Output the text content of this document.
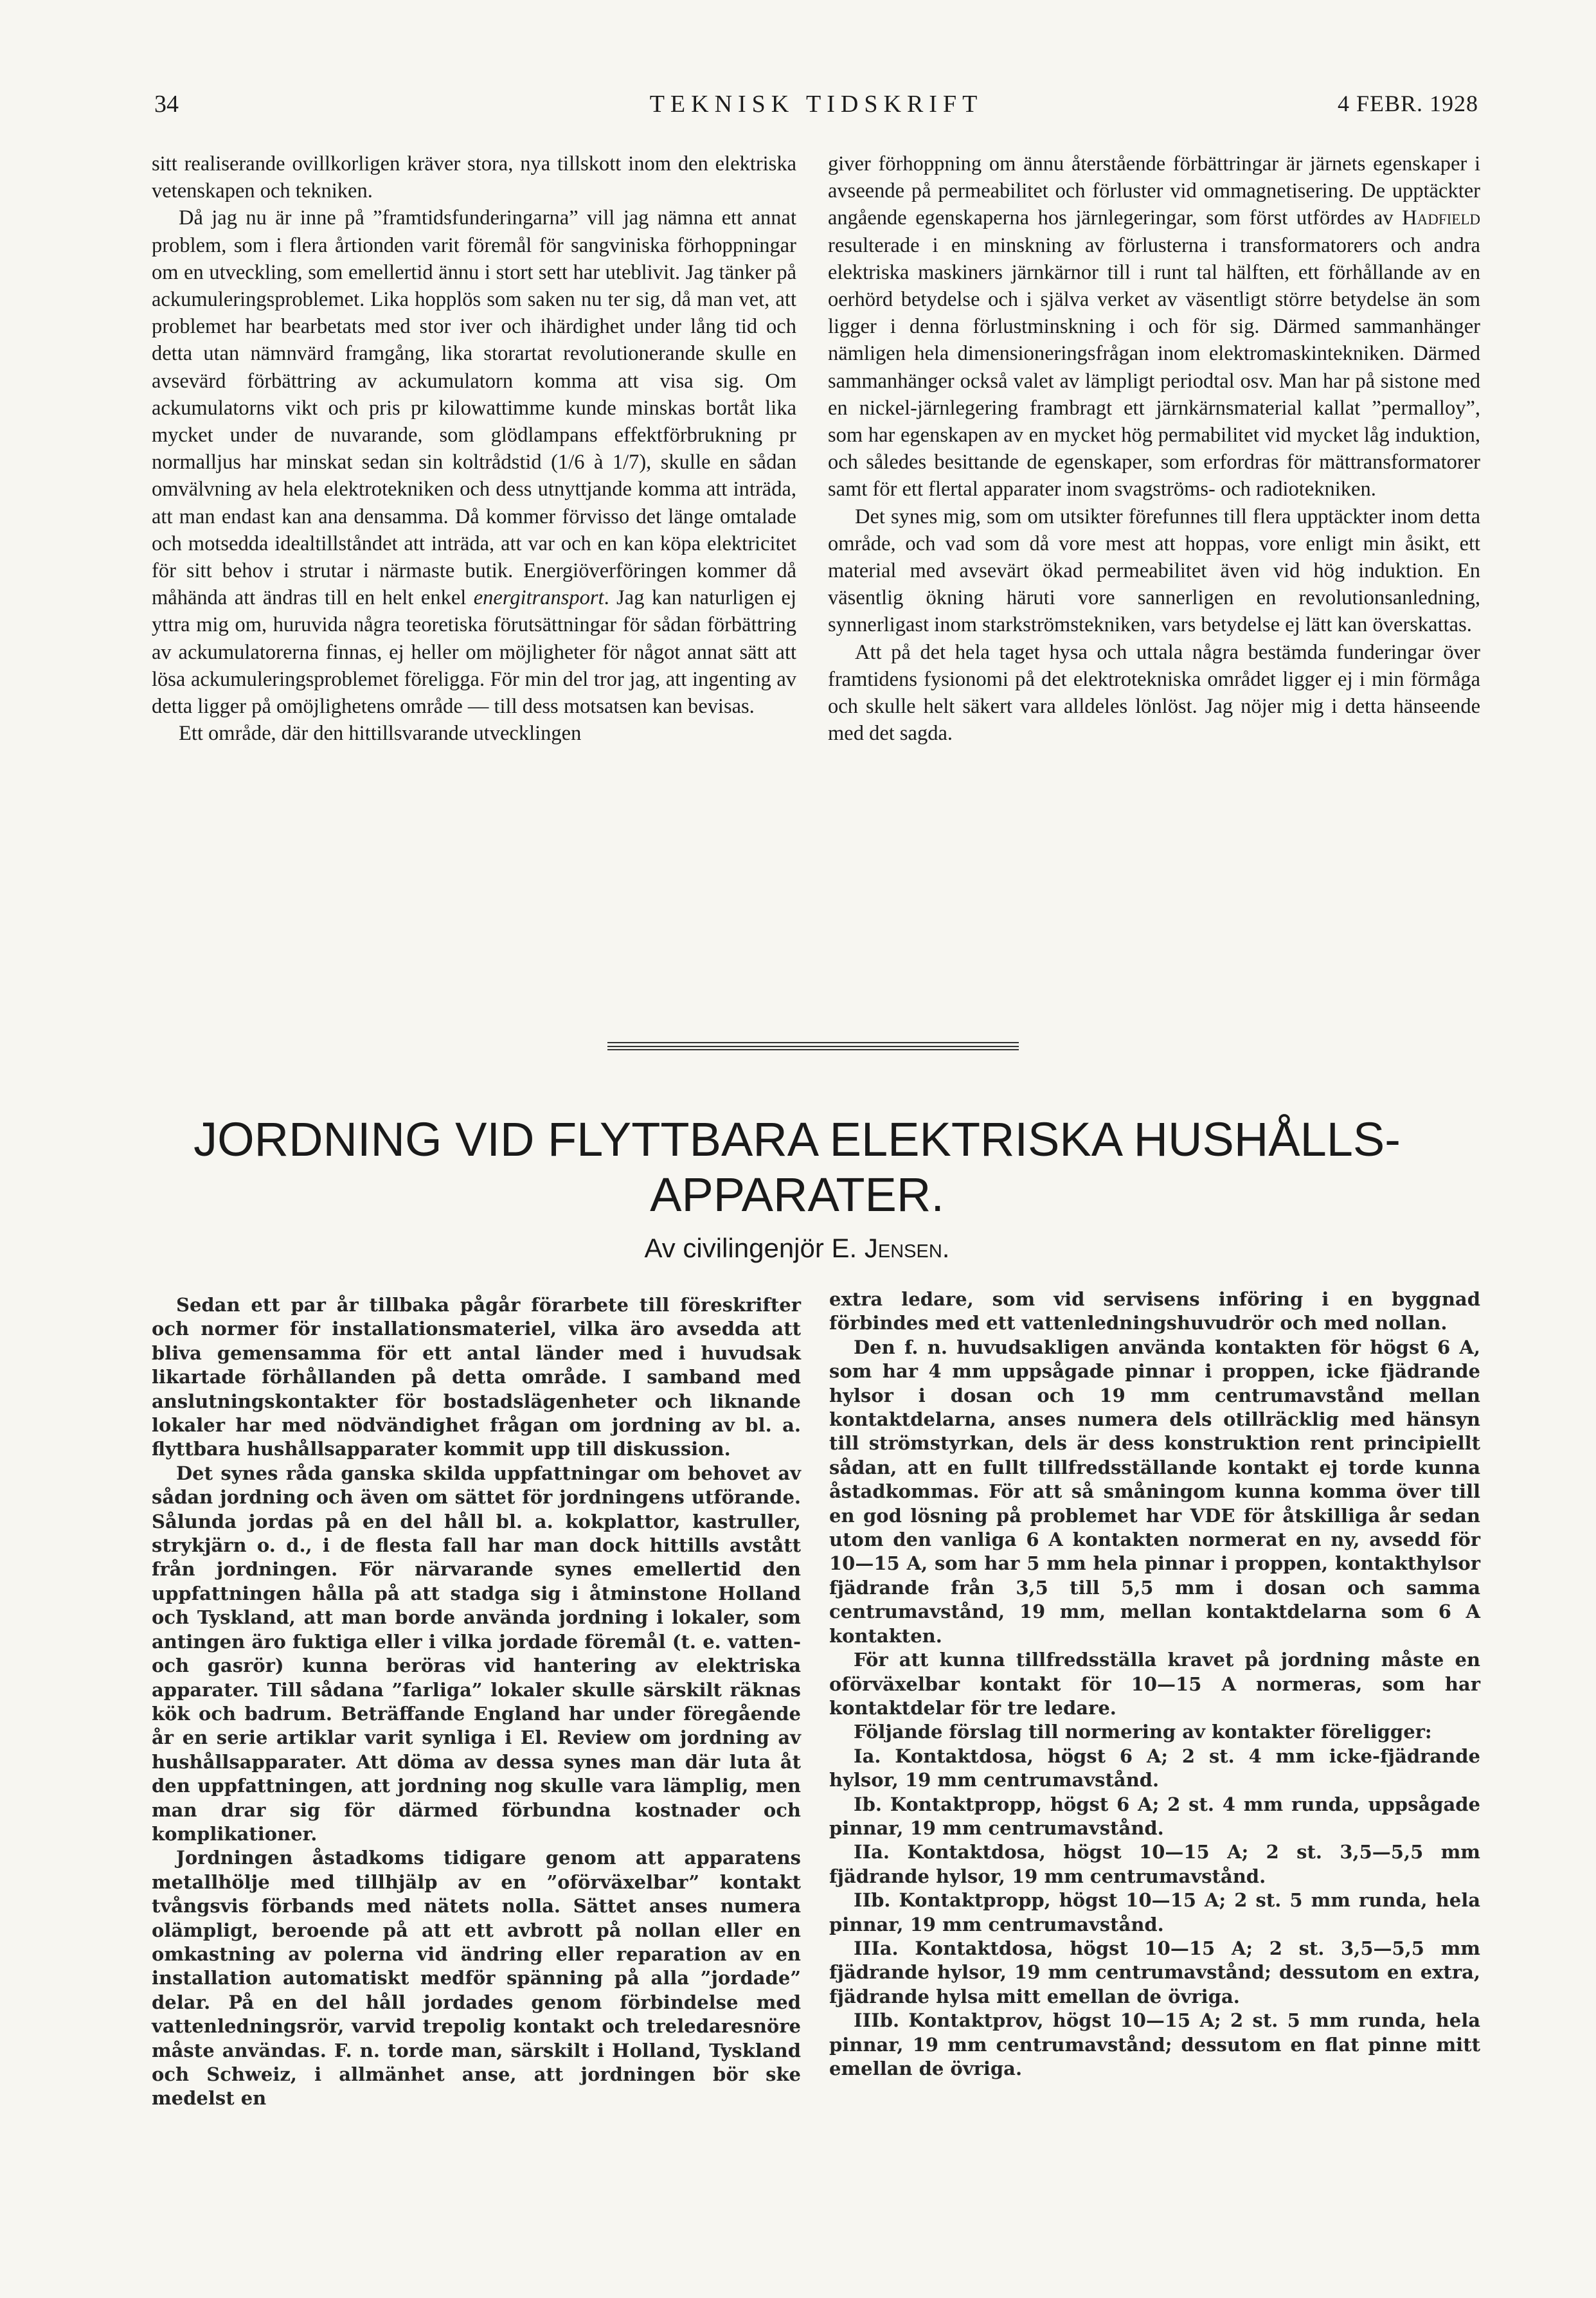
34	TEKNISK TIDSKRIFT	4 FEBR. 1928

sitt realiserande ovillkorligen kräver stora, nya tillskott inom den elektriska vetenskapen och tekniken.

Då jag nu är inne på ”framtidsfunderingarna” vill jag nämna ett annat problem, som i flera årtionden varit föremål för sangviniska förhoppningar om en utveckling, som emellertid ännu i stort sett har uteblivit. Jag tänker på ackumuleringsproblemet. Lika hopplös som saken nu ter sig, då man vet, att problemet har bearbetats med stor iver och ihärdighet under lång tid och detta utan nämnvärd framgång, lika storartat revolutionerande skulle en avsevärd förbättring av ackumulatorn komma att visa sig. Om ackumulatorns vikt och pris pr kilowattimme kunde minskas bortåt lika mycket under de nuvarande, som glödlampans effektförbrukning pr normalljus har minskat sedan sin koltrådstid (1/6 à 1/7), skulle en sådan omvälvning av hela elektrotekniken och dess utnyttjande komma att inträda, att man endast kan ana densamma. Då kommer förvisso det länge omtalade och motsedda idealtillståndet att inträda, att var och en kan köpa elektricitet för sitt behov i strutar i närmaste butik. Energiöverföringen kommer då måhända att ändras till en helt enkel energitransport. Jag kan naturligen ej yttra mig om, huruvida några teoretiska förutsättningar för sådan förbättring av ackumulatorerna finnas, ej heller om möjligheter för något annat sätt att lösa ackumuleringsproblemet föreligga. För min del tror jag, att ingenting av detta ligger på omöjlighetens område — till dess motsatsen kan bevisas.

Ett område, där den hittillsvarande utvecklingen

giver förhoppning om ännu återstående förbättringar är järnets egenskaper i avseende på permeabilitet och förluster vid ommagnetisering. De upptäckter angående egenskaperna hos järnlegeringar, som först utfördes av Hadfield resulterade i en minskning av förlusterna i transformatorers och andra elektriska maskiners järnkärnor till i runt tal hälften, ett förhållande av en oerhörd betydelse och i själva verket av väsentligt större betydelse än som ligger i denna förlustminskning i och för sig. Därmed sammanhänger nämligen hela dimensioneringsfrågan inom elektromaskintekniken. Därmed sammanhänger också valet av lämpligt periodtal osv. Man har på sistone med en nickel-järnlegering frambragt ett järnkärnsmaterial kallat ”permalloy”, som har egenskapen av en mycket hög permabilitet vid mycket låg induktion, och således besittande de egenskaper, som erfordras för mättransformatorer samt för ett flertal apparater inom svagströms- och radiotekniken.

Det synes mig, som om utsikter förefunnes till flera upptäckter inom detta område, och vad som då vore mest att hoppas, vore enligt min åsikt, ett material med avsevärt ökad permeabilitet även vid hög induktion. En väsentlig ökning häruti vore sannerligen en revolutionsanledning, synnerligast inom starkströmstekniken, vars betydelse ej lätt kan överskattas.

Att på det hela taget hysa och uttala några bestämda funderingar över framtidens fysionomi på det elektrotekniska området ligger ej i min förmåga och skulle helt säkert vara alldeles lönlöst. Jag nöjer mig i detta hänseende med det sagda.

JORDNING VID FLYTTBARA ELEKTRISKA HUSHÅLLS-
APPARATER.
Av civilingenjör E. Jensen.

Sedan ett par år tillbaka pågår förarbete till föreskrifter och normer för installationsmateriel, vilka äro avsedda att bliva gemensamma för ett antal länder med i huvudsak likartade förhållanden på detta område. I samband med anslutningskontakter för bostadslägenheter och liknande lokaler har med nödvändighet frågan om jordning av bl. a. flyttbara hushållsapparater kommit upp till diskussion.

Det synes råda ganska skilda uppfattningar om behovet av sådan jordning och även om sättet för jordningens utförande. Sålunda jordas på en del håll bl. a. kokplattor, kastruller, strykjärn o. d., i de flesta fall har man dock hittills avstått från jordningen. För närvarande synes emellertid den uppfattningen hålla på att stadga sig i åtminstone Holland och Tyskland, att man borde använda jordning i lokaler, som antingen äro fuktiga eller i vilka jordade föremål (t. e. vatten- och gasrör) kunna beröras vid hantering av elektriska apparater. Till sådana ”farliga” lokaler skulle särskilt räknas kök och badrum. Beträffande England har under föregående år en serie artiklar varit synliga i El. Review om jordning av hushållsapparater. Att döma av dessa synes man där luta åt den uppfattningen, att jordning nog skulle vara lämplig, men man drar sig för därmed förbundna kostnader och komplikationer.

Jordningen åstadkoms tidigare genom att apparatens metallhölje med tillhjälp av en ”oförväxelbar” kontakt tvångsvis förbands med nätets nolla. Sättet anses numera olämpligt, beroende på att ett avbrott på nollan eller en omkastning av polerna vid ändring eller reparation av en installation automatiskt medför spänning på alla ”jordade” delar. På en del håll jordades genom förbindelse med vattenledningsrör, varvid trepolig kontakt och treledaresnöre måste användas. F. n. torde man, särskilt i Holland, Tyskland och Schweiz, i allmänhet anse, att jordningen bör ske medelst en

extra ledare, som vid servisens införing i en byggnad förbindes med ett vattenledningshuvudrör och med nollan.

Den f. n. huvudsakligen använda kontakten för högst 6 A, som har 4 mm uppsågade pinnar i proppen, icke fjädrande hylsor i dosan och 19 mm centrumavstånd mellan kontaktdelarna, anses numera dels otillräcklig med hänsyn till strömstyrkan, dels är dess konstruktion rent principiellt sådan, att en fullt tillfredsställande kontakt ej torde kunna åstadkommas. För att så småningom kunna komma över till en god lösning på problemet har VDE för åtskilliga år sedan utom den vanliga 6 A kontakten normerat en ny, avsedd för 10—15 A, som har 5 mm hela pinnar i proppen, kontakthylsor fjädrande från 3,5 till 5,5 mm i dosan och samma centrumavstånd, 19 mm, mellan kontaktdelarna som 6 A kontakten.

För att kunna tillfredsställa kravet på jordning måste en oförväxelbar kontakt för 10—15 A normeras, som har kontaktdelar för tre ledare.

Följande förslag till normering av kontakter föreligger:

Ia. Kontaktdosa, högst 6 A; 2 st. 4 mm icke-fjädrande hylsor, 19 mm centrumavstånd.

Ib. Kontaktpropp, högst 6 A; 2 st. 4 mm runda, uppsågade pinnar, 19 mm centrumavstånd.

IIa. Kontaktdosa, högst 10—15 A; 2 st. 3,5—5,5 mm fjädrande hylsor, 19 mm centrumavstånd.

IIb. Kontaktpropp, högst 10—15 A; 2 st. 5 mm runda, hela pinnar, 19 mm centrumavstånd.

IIIa. Kontaktdosa, högst 10—15 A; 2 st. 3,5—5,5 mm fjädrande hylsor, 19 mm centrumavstånd; dessutom en extra, fjädrande hylsa mitt emellan de övriga.

IIIb. Kontaktprov, högst 10—15 A; 2 st. 5 mm runda, hela pinnar, 19 mm centrumavstånd; dessutom en flat pinne mitt emellan de övriga.
